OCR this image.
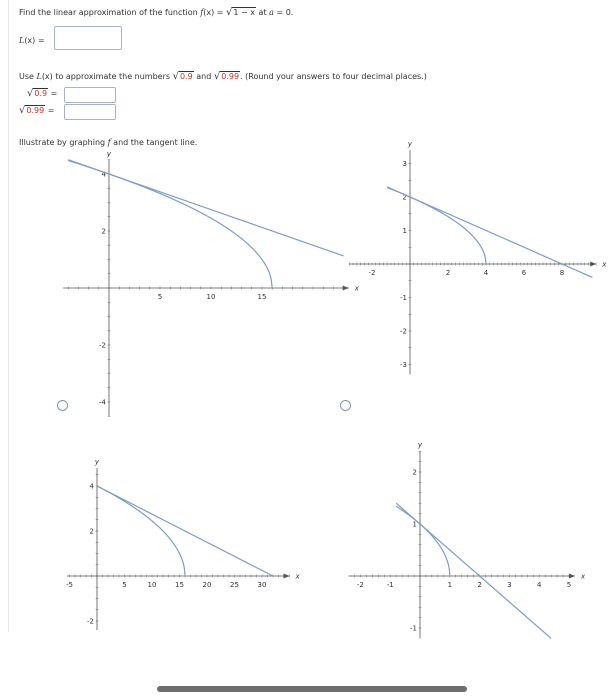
Find the linear approximation of the function f(x) = √1 − x at a = 0.
L(x) =
Use L(x) to approximate the numbers √0.9 and √0.99. (Round your answers to four decimal places.)
√0.9 =
√0.99 =
Illustrate by graphing f and the tangent line.
5	10	15
4
2
-2
-4
x
y
-2	2	4	6	8
3
2
1
-1
-2
-3
x
y
-5	5	10	15	20	25	30
4
2
-2
x
y
-2	-1	1	2	3	4	5
2
1
-1
x
y
